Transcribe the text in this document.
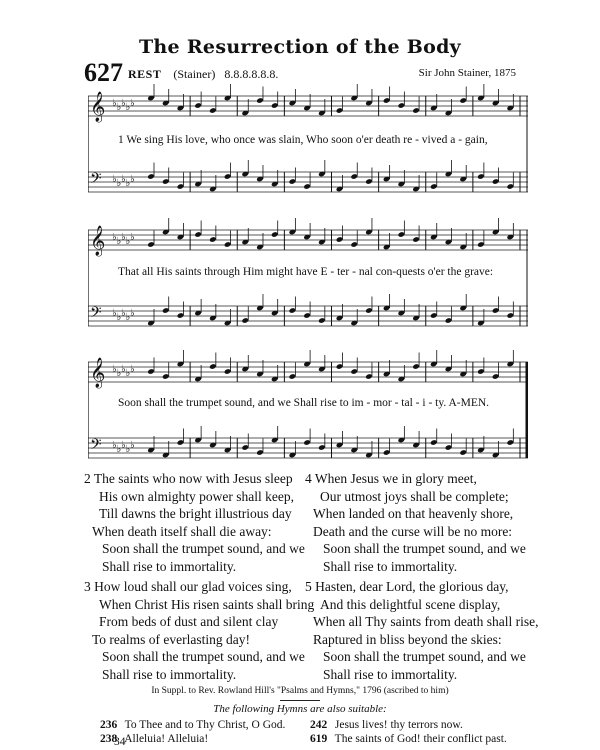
The Resurrection of the Body
627 REST (Stainer) 8.8.8.8.8.8.	Sir John Stainer, 1875
𝄞 ♭ ♭ ♭ ♭ ♭
𝄢 ♭ ♭ ♭ ♭ ♭
1 We sing His love, who once was slain, Who soon o'er death re - vived a - gain,
𝄞 ♭ ♭ ♭ ♭ ♭
𝄢 ♭ ♭ ♭ ♭ ♭
That all His saints through Him might have E - ter - nal con-quests o'er the grave:
𝄞 ♭ ♭ ♭ ♭ ♭
𝄢 ♭ ♭ ♭ ♭ ♭
Soon shall the trumpet sound, and we Shall rise to im - mor - tal - i - ty. A-MEN.
2 The saints who now with Jesus sleep
His own almighty power shall keep,
Till dawns the bright illustrious day
When death itself shall die away:
Soon shall the trumpet sound, and we
Shall rise to immortality.
4 When Jesus we in glory meet,
Our utmost joys shall be complete;
When landed on that heavenly shore,
Death and the curse will be no more:
Soon shall the trumpet sound, and we
Shall rise to immortality.
3 How loud shall our glad voices sing,
When Christ His risen saints shall bring
From beds of dust and silent clay
To realms of everlasting day!
Soon shall the trumpet sound, and we
Shall rise to immortality.
5 Hasten, dear Lord, the glorious day,
And this delightful scene display,
When all Thy saints from death shall rise,
Raptured in bliss beyond the skies:
Soon shall the trumpet sound, and we
Shall rise to immortality.
In Suppl. to Rev. Rowland Hill's "Psalms and Hymns," 1796 (ascribed to him)
The following Hymns are also suitable:
236 To Thee and to Thy Christ, O God. 242 Jesus lives! thy terrors now.
238 Alleluia! Alleluia!	619 The saints of God! their conflict past.
34
